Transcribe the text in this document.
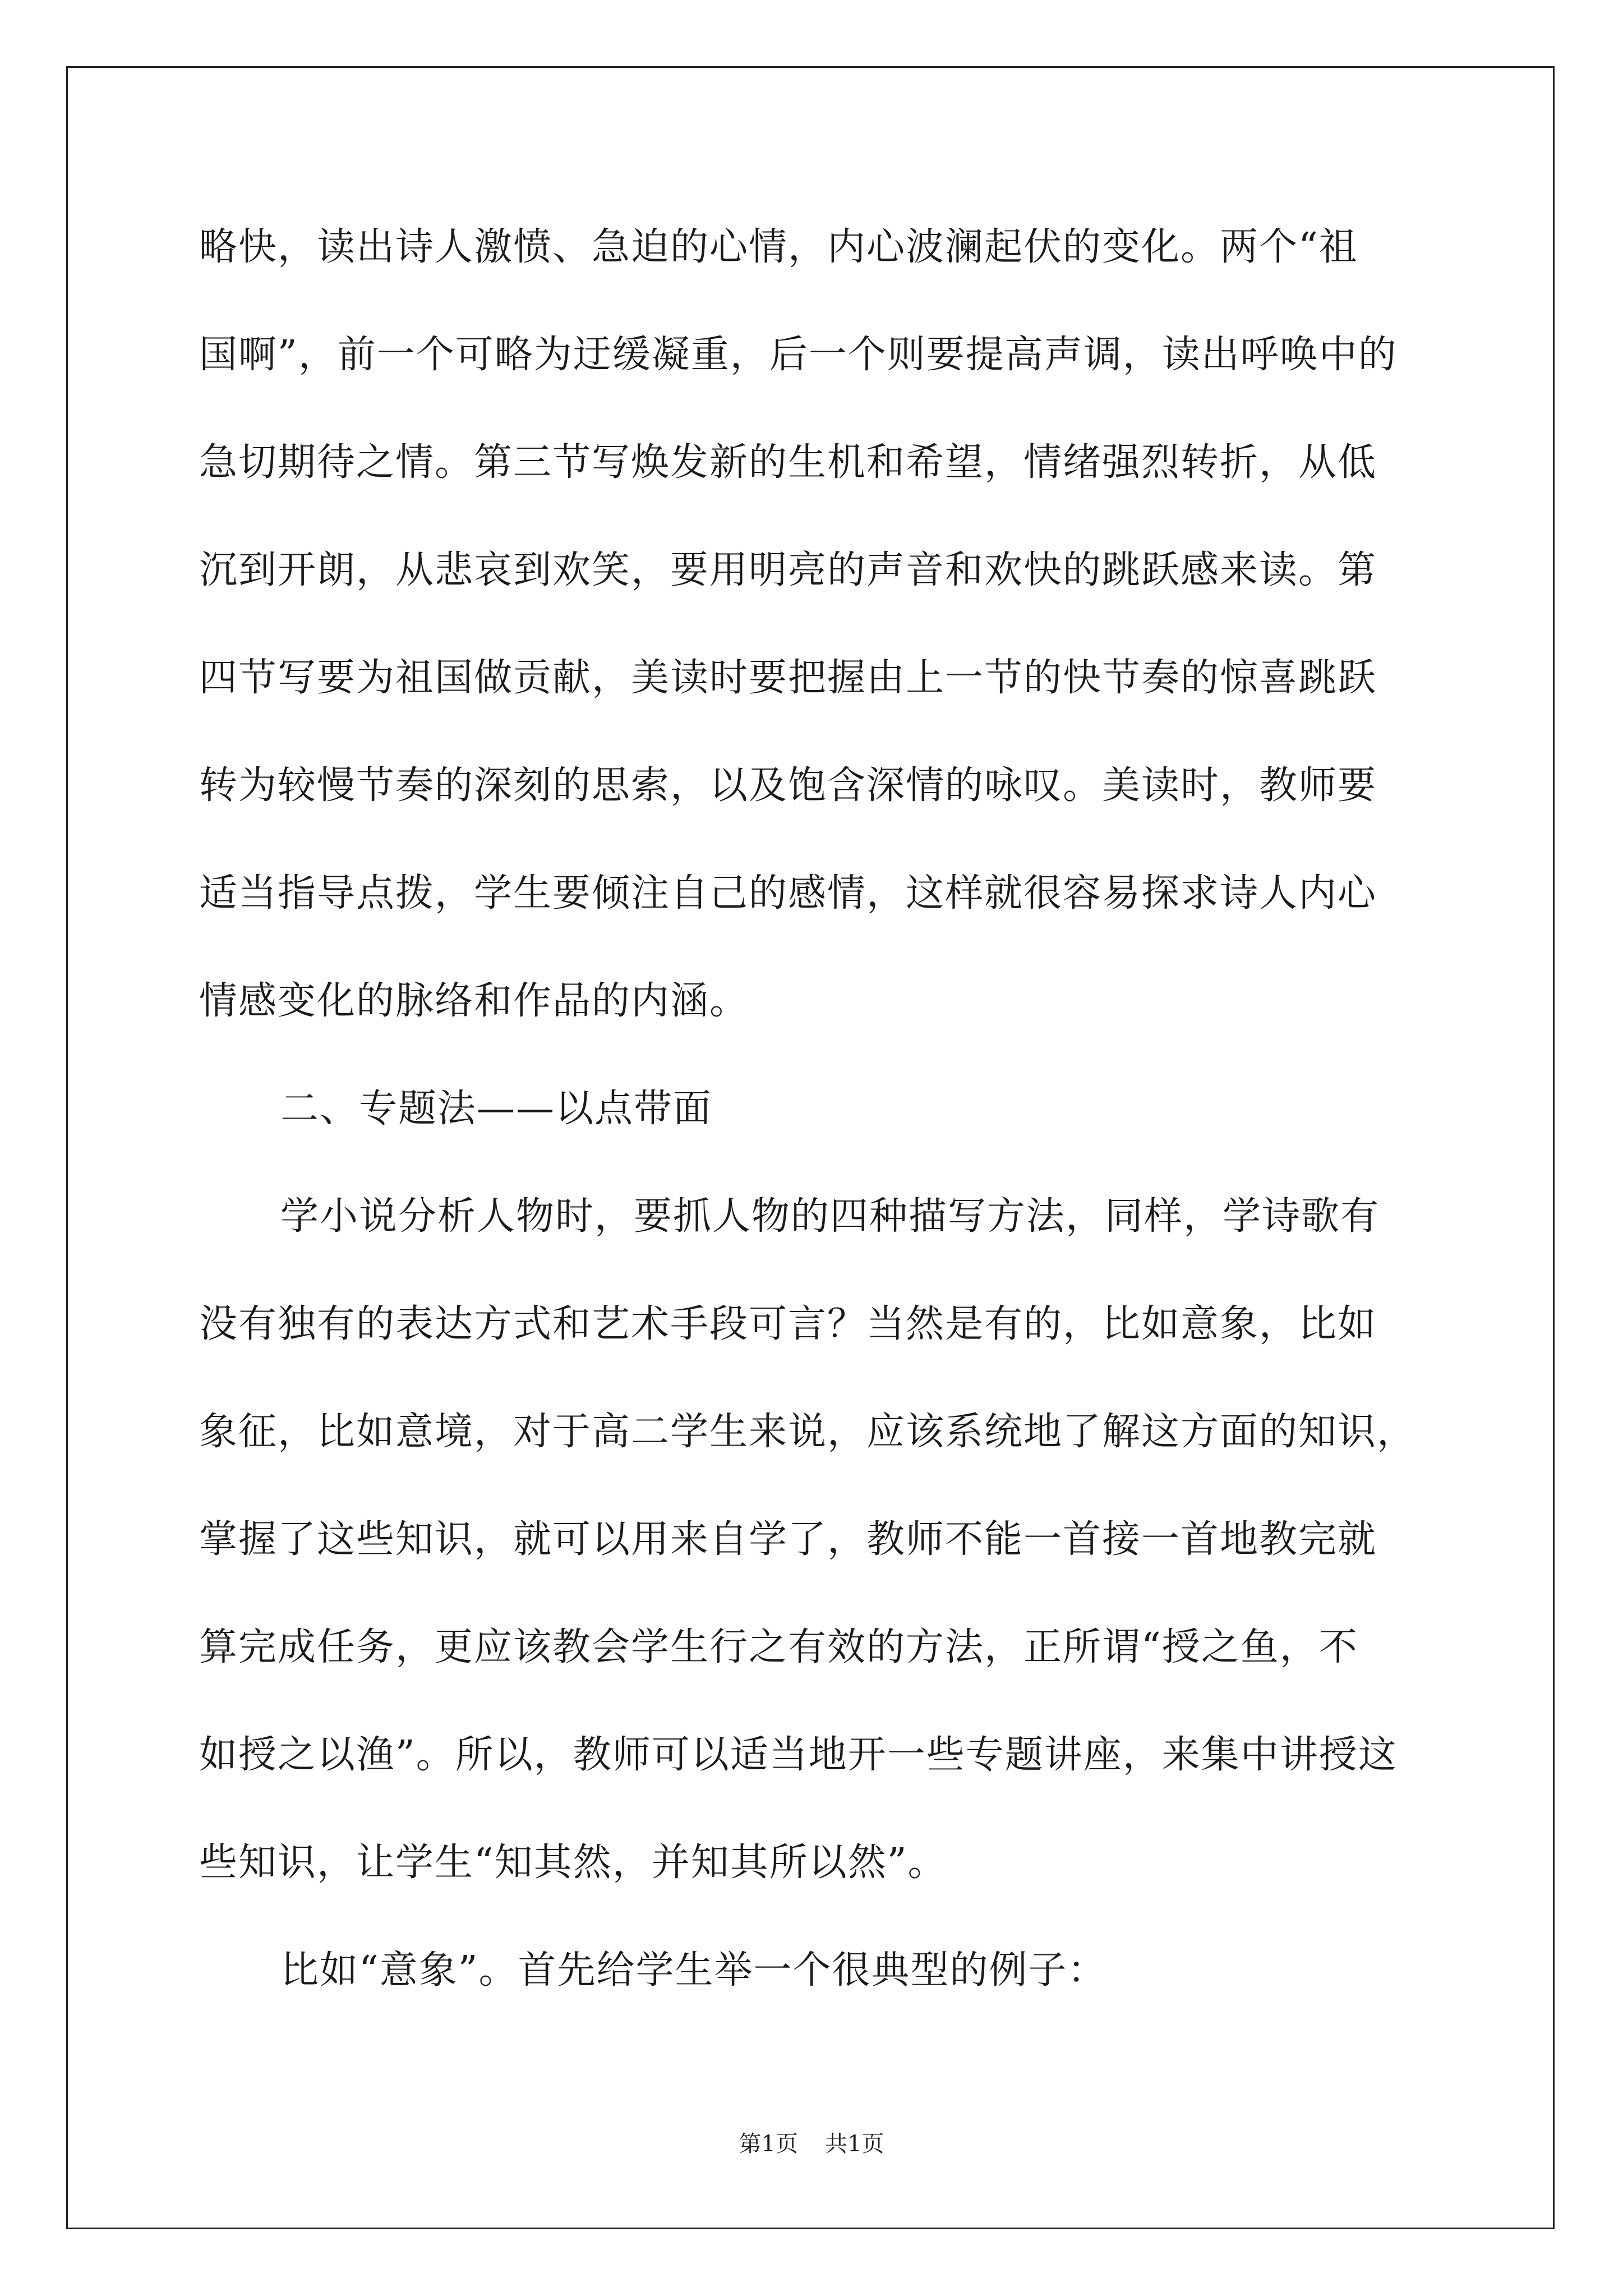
略快，读出诗人激愤、急迫的心情，内心波澜起伏的变化。两个“祖
国啊”，前一个可略为迂缓凝重，后一个则要提高声调，读出呼唤中的
急切期待之情。第三节写焕发新的生机和希望，情绪强烈转折，从低
沉到开朗，从悲哀到欢笑，要用明亮的声音和欢快的跳跃感来读。第
四节写要为祖国做贡献，美读时要把握由上一节的快节奏的惊喜跳跃
转为较慢节奏的深刻的思索，以及饱含深情的咏叹。美读时，教师要
适当指导点拨，学生要倾注自己的感情，这样就很容易探求诗人内心
情感变化的脉络和作品的内涵。
二、专题法——以点带面
学小说分析人物时，要抓人物的四种描写方法，同样，学诗歌有
没有独有的表达方式和艺术手段可言？当然是有的，比如意象，比如
象征，比如意境，对于高二学生来说，应该系统地了解这方面的知识，
掌握了这些知识，就可以用来自学了，教师不能一首接一首地教完就
算完成任务，更应该教会学生行之有效的方法，正所谓“授之鱼，不
如授之以渔”。所以，教师可以适当地开一些专题讲座，来集中讲授这
些知识，让学生“知其然，并知其所以然”。
比如“意象”。首先给学生举一个很典型的例子：
第1页 共1页
